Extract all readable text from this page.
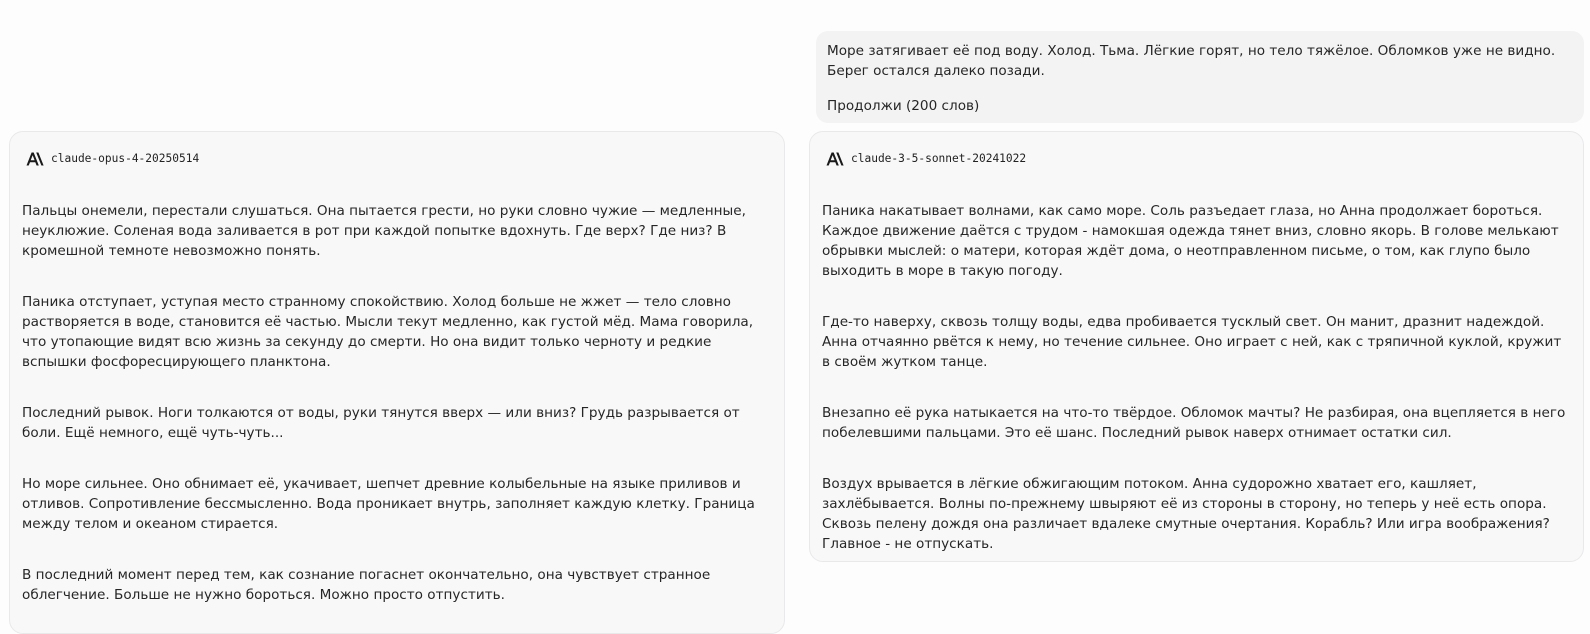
Море затягивает её под воду. Холод. Тьма. Лёгкие горят, но тело тяжёлое. Обломков уже не видно. Берег остался далеко позади.

Продолжи (200 слов)

claude-opus-4-20250514

Пальцы онемели, перестали слушаться. Она пытается грести, но руки словно чужие — медленные, неуклюжие. Соленая вода заливается в рот при каждой попытке вдохнуть. Где верх? Где низ? В кромешной темноте невозможно понять.

Паника отступает, уступая место странному спокойствию. Холод больше не жжет — тело словно растворяется в воде, становится её частью. Мысли текут медленно, как густой мёд. Мама говорила, что утопающие видят всю жизнь за секунду до смерти. Но она видит только черноту и редкие вспышки фосфоресцирующего планктона.

Последний рывок. Ноги толкаются от воды, руки тянутся вверх — или вниз? Грудь разрывается от боли. Ещё немного, ещё чуть-чуть...

Но море сильнее. Оно обнимает её, укачивает, шепчет древние колыбельные на языке приливов и отливов. Сопротивление бессмысленно. Вода проникает внутрь, заполняет каждую клетку. Граница между телом и океаном стирается.

В последний момент перед тем, как сознание погаснет окончательно, она чувствует странное облегчение. Больше не нужно бороться. Можно просто отпустить.

claude-3-5-sonnet-20241022

Паника накатывает волнами, как само море. Соль разъедает глаза, но Анна продолжает бороться. Каждое движение даётся с трудом - намокшая одежда тянет вниз, словно якорь. В голове мелькают обрывки мыслей: о матери, которая ждёт дома, о неотправленном письме, о том, как глупо было выходить в море в такую погоду.

Где-то наверху, сквозь толщу воды, едва пробивается тусклый свет. Он манит, дразнит надеждой. Анна отчаянно рвётся к нему, но течение сильнее. Оно играет с ней, как с тряпичной куклой, кружит в своём жутком танце.

Внезапно её рука натыкается на что-то твёрдое. Обломок мачты? Не разбирая, она вцепляется в него побелевшими пальцами. Это её шанс. Последний рывок наверх отнимает остатки сил.

Воздух врывается в лёгкие обжигающим потоком. Анна судорожно хватает его, кашляет, захлёбывается. Волны по-прежнему швыряют её из стороны в сторону, но теперь у неё есть опора. Сквозь пелену дождя она различает вдалеке смутные очертания. Корабль? Или игра воображения? Главное - не отпускать.
